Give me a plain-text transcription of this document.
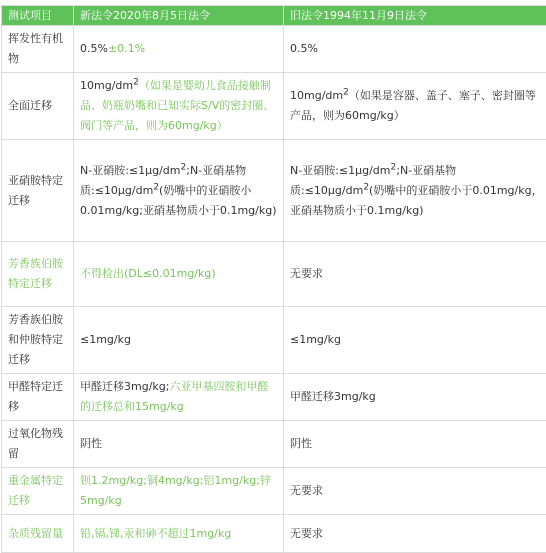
测试项目	新法令2020年8月5日法令	旧法令1994年11月9日法令
挥发性有机物	0.5%±0.1%	0.5%
全面迁移	$10mg/dm^2$（如果是婴幼儿食品接触制品、奶瓶奶嘴和已知实际S/V的密封圈、阀门等产品，则为60mg/kg）	$10mg/dm^2$（如果是容器、盖子、塞子、密封圈等产品，则为60mg/kg）
亚硝胺特定迁移	N-亚硝胺$:\le 1\mu g/dm^2;N-$亚硝基物质$:\le 10\mu g/dm^2$(奶嘴中的亚硝胺小0.01mg/kg;亚硝基物质小于0.1mg/kg)	N-亚硝胺$:\le 1\mu g/dm^2;N-$亚硝基物质$:\le 10\mu g/dm^2$(奶嘴中的亚硝胺小于0.01mg/kg，亚硝基物质小于0.1mg/kg)
芳香族伯胺特定迁移	不得检出(DL≤0.01mg/kg)	无要求
芳香族伯胺和仲胺特定迁移	≤1mg/kg	≤1mg/kg
甲醛特定迁移	甲醛迁移3mg/kg;六亚甲基四胺和甲醛的迁移总和15mg/kg	甲醛迁移3mg/kg
过氧化物残留	阴性	阴性
重金属特定迁移	钡1.2mg/kg;铜4mg/kg;铝1mg/kg;锌5mg/kg	无要求
杂质残留量	铅,镉,锑,汞和砷不超过1mg/kg	无要求
